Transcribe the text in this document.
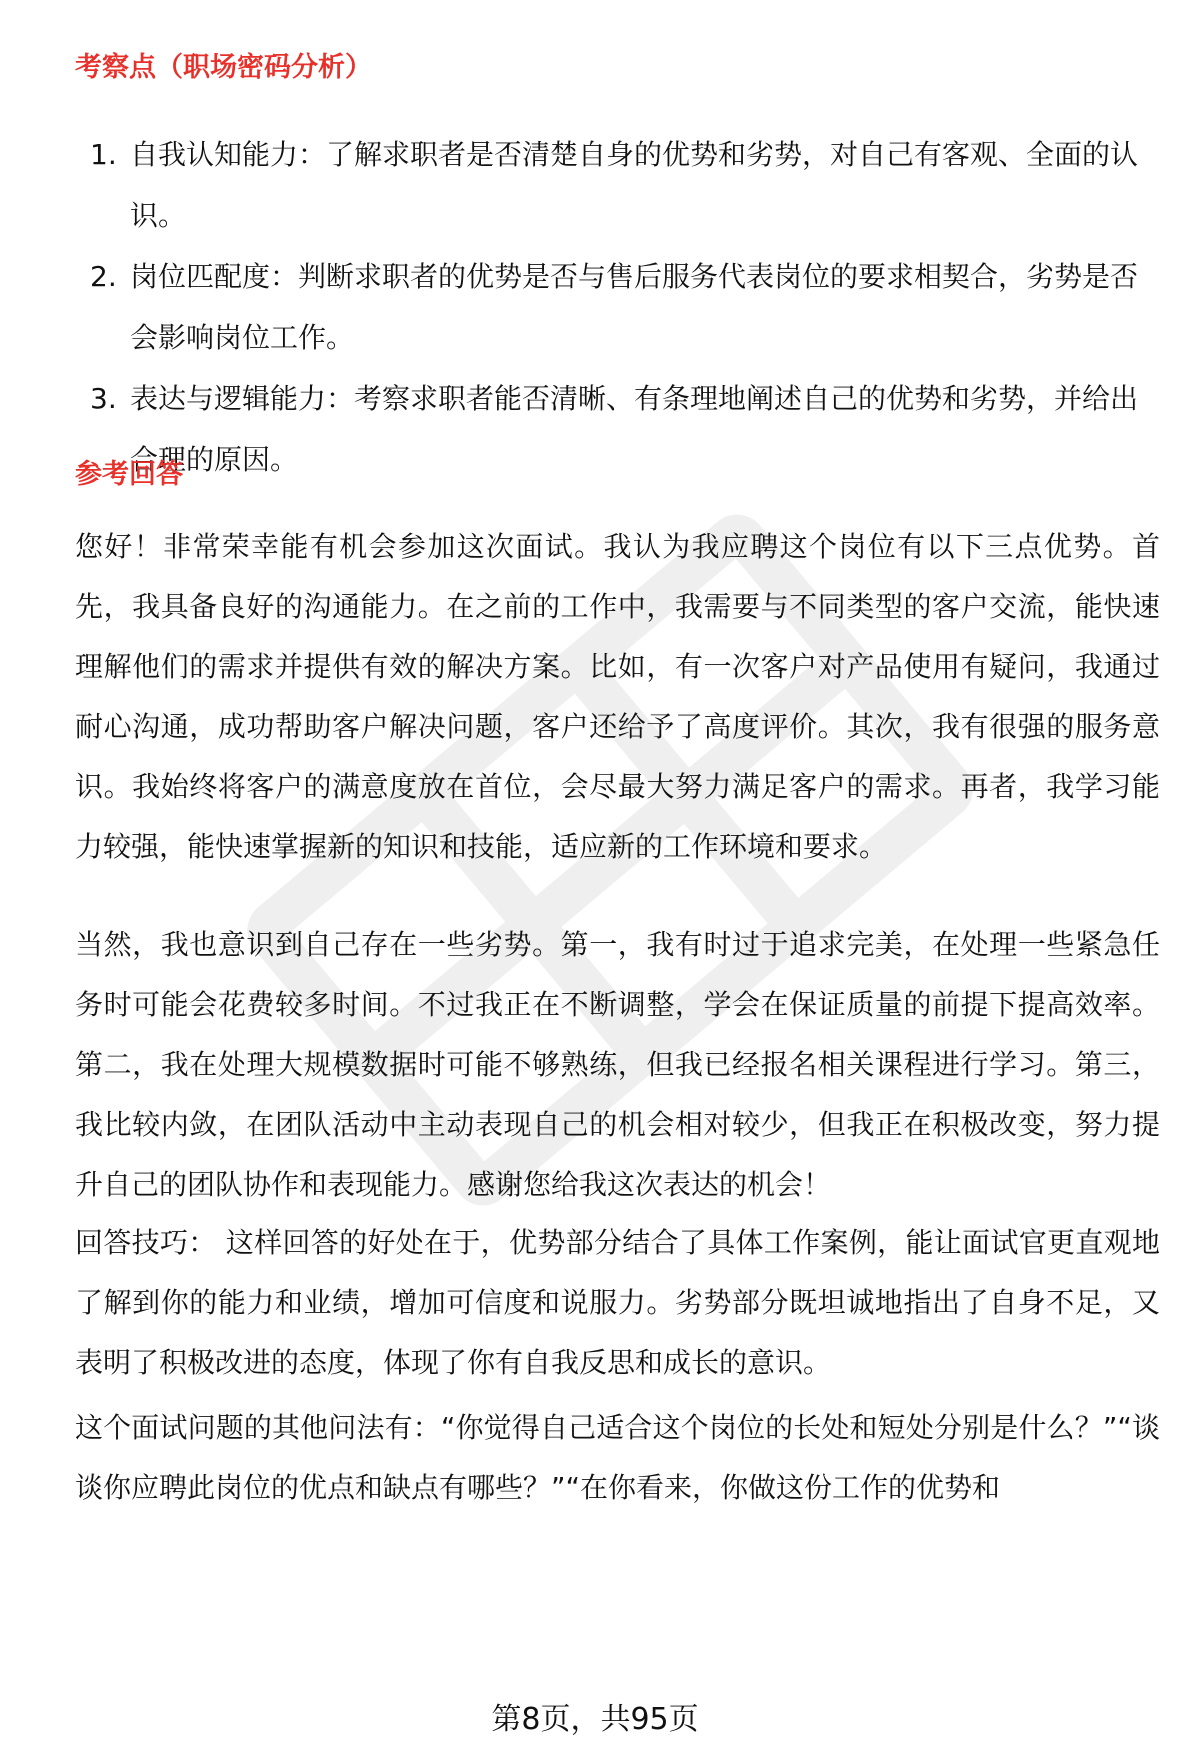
考察点（职场密码分析）
1. 自我认知能力：了解求职者是否清楚自身的优势和劣势，对自己有客观、全面的认识。
2. 岗位匹配度：判断求职者的优势是否与售后服务代表岗位的要求相契合，劣势是否会影响岗位工作。
3. 表达与逻辑能力：考察求职者能否清晰、有条理地阐述自己的优势和劣势，并给出合理的原因。
参考回答

您好！非常荣幸能有机会参加这次面试。我认为我应聘这个岗位有以下三点优势。首先，我具备良好的沟通能力。在之前的工作中，我需要与不同类型的客户交流，能快速理解他们的需求并提供有效的解决方案。比如，有一次客户对产品使用有疑问，我通过耐心沟通，成功帮助客户解决问题，客户还给予了高度评价。其次，我有很强的服务意识。我始终将客户的满意度放在首位，会尽最大努力满足客户的需求。再者，我学习能力较强，能快速掌握新的知识和技能，适应新的工作环境和要求。

当然，我也意识到自己存在一些劣势。第一，我有时过于追求完美，在处理一些紧急任务时可能会花费较多时间。不过我正在不断调整，学会在保证质量的前提下提高效率。第二，我在处理大规模数据时可能不够熟练，但我已经报名相关课程进行学习。第三，我比较内敛，在团队活动中主动表现自己的机会相对较少，但我正在积极改变，努力提升自己的团队协作和表现能力。感谢您给我这次表达的机会！

回答技巧： 这样回答的好处在于，优势部分结合了具体工作案例，能让面试官更直观地了解到你的能力和业绩，增加可信度和说服力。劣势部分既坦诚地指出了自身不足，又表明了积极改进的态度，体现了你有自我反思和成长的意识。

这个面试问题的其他问法有：“你觉得自己适合这个岗位的长处和短处分别是什么？”“谈谈你应聘此岗位的优点和缺点有哪些？”“在你看来，你做这份工作的优势和

第8页，共95页
